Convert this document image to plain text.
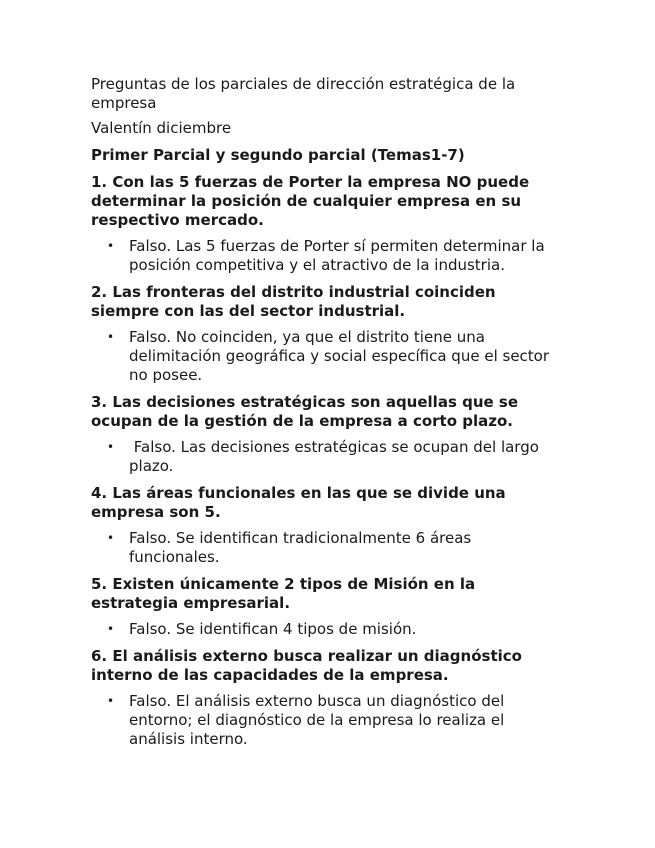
Preguntas de los parciales de dirección estratégica de la empresa

Valentín diciembre

Primer Parcial y segundo parcial (Temas1-7)

1. Con las 5 fuerzas de Porter la empresa NO puede determinar la posición de cualquier empresa en su respectivo mercado.

• Falso. Las 5 fuerzas de Porter sí permiten determinar la posición competitiva y el atractivo de la industria.

2. Las fronteras del distrito industrial coinciden siempre con las del sector industrial.

• Falso. No coinciden, ya que el distrito tiene una delimitación geográfica y social específica que el sector no posee.

3. Las decisiones estratégicas son aquellas que se ocupan de la gestión de la empresa a corto plazo.

• Falso. Las decisiones estratégicas se ocupan del largo plazo.

4. Las áreas funcionales en las que se divide una empresa son 5.

• Falso. Se identifican tradicionalmente 6 áreas funcionales.

5. Existen únicamente 2 tipos de Misión en la estrategia empresarial.

• Falso. Se identifican 4 tipos de misión.

6. El análisis externo busca realizar un diagnóstico interno de las capacidades de la empresa.

• Falso. El análisis externo busca un diagnóstico del entorno; el diagnóstico de la empresa lo realiza el análisis interno.
